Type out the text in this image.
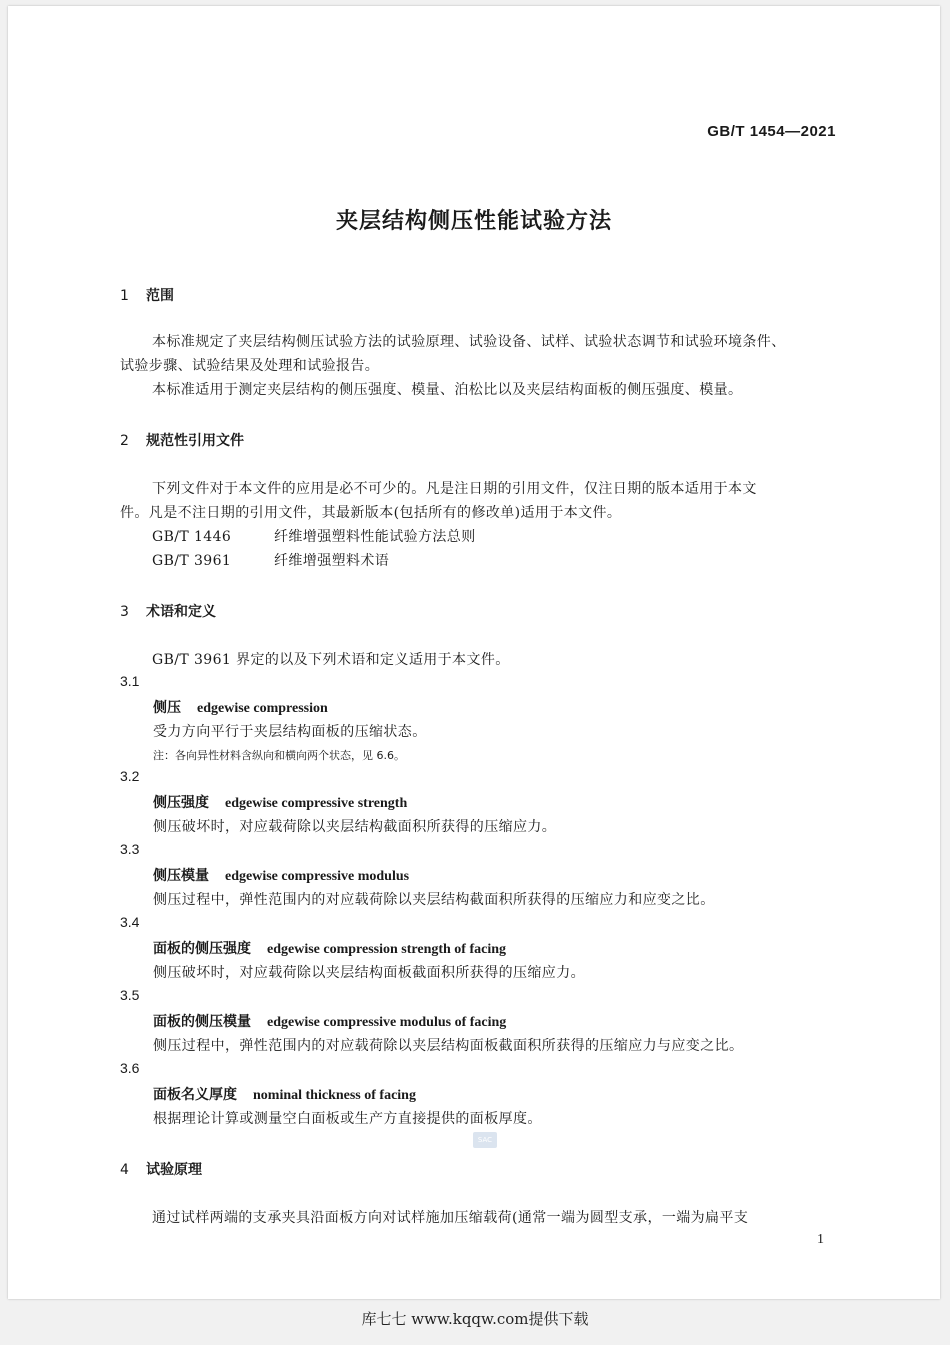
GB/T 1454—2021
夹层结构侧压性能试验方法
1 范围
本标准规定了夹层结构侧压试验方法的试验原理、试验设备、试样、试验状态调节和试验环境条件、
试验步骤、试验结果及处理和试验报告。
本标准适用于测定夹层结构的侧压强度、模量、泊松比以及夹层结构面板的侧压强度、模量。
2 规范性引用文件
下列文件对于本文件的应用是必不可少的。凡是注日期的引用文件，仅注日期的版本适用于本文
件。凡是不注日期的引用文件，其最新版本(包括所有的修改单)适用于本文件。
GB/T 1446	纤维增强塑料性能试验方法总则
GB/T 3961	纤维增强塑料术语
3 术语和定义
GB/T 3961 界定的以及下列术语和定义适用于本文件。
3.1
侧压 edgewise compression
受力方向平行于夹层结构面板的压缩状态。
注：各向异性材料含纵向和横向两个状态，见 6.6。
3.2
侧压强度 edgewise compressive strength
侧压破坏时，对应载荷除以夹层结构截面积所获得的压缩应力。
3.3
侧压模量 edgewise compressive modulus
侧压过程中，弹性范围内的对应载荷除以夹层结构截面积所获得的压缩应力和应变之比。
3.4
面板的侧压强度 edgewise compression strength of facing
侧压破坏时，对应载荷除以夹层结构面板截面积所获得的压缩应力。
3.5
面板的侧压模量 edgewise compressive modulus of facing
侧压过程中，弹性范围内的对应载荷除以夹层结构面板截面积所获得的压缩应力与应变之比。
3.6
面板名义厚度 nominal thickness of facing
根据理论计算或测量空白面板或生产方直接提供的面板厚度。
SAC
4 试验原理
通过试样两端的支承夹具沿面板方向对试样施加压缩载荷(通常一端为圆型支承，一端为扁平支
1
库七七 www.kqqw.com提供下载
